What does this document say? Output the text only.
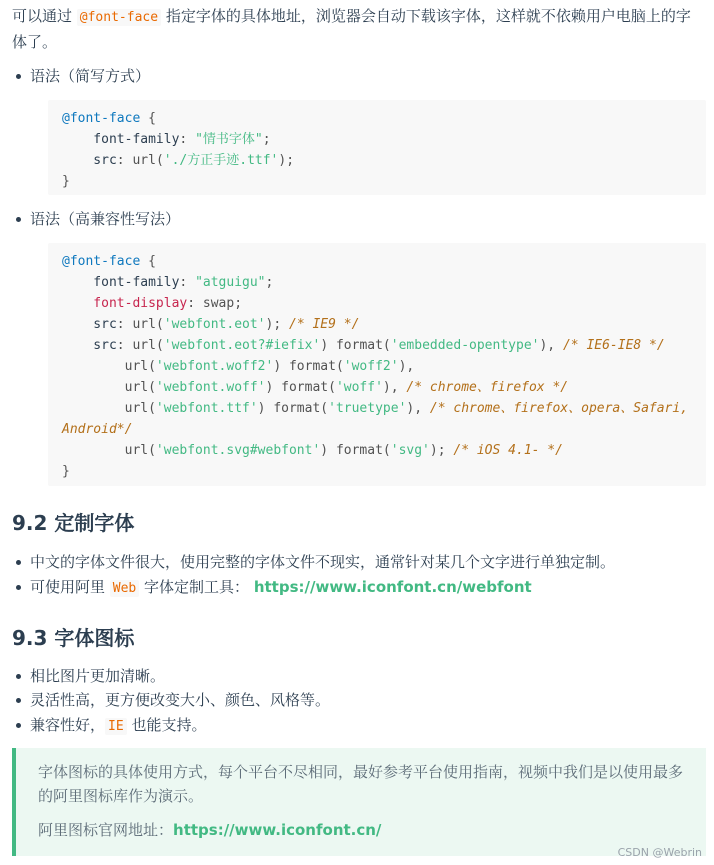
可以通过 @font-face 指定字体的具体地址，浏览器会自动下载该字体，这样就不依赖用户电脑上的字
体了。
语法（简写方式）
@font-face {
font-family: "情书字体";
src: url('./方正手迹.ttf');
}
语法（高兼容性写法）
@font-face {
font-family: "atguigu";
font-display: swap;
src: url('webfont.eot'); /* IE9 */
src: url('webfont.eot?#iefix') format('embedded-opentype'), /* IE6-IE8 */
url('webfont.woff2') format('woff2'),
url('webfont.woff') format('woff'), /* chrome、firefox */
url('webfont.ttf') format('truetype'), /* chrome、firefox、opera、Safari,
Android*/
url('webfont.svg#webfont') format('svg'); /* iOS 4.1- */
}
9.2 定制字体
中文的字体文件很大，使用完整的字体文件不现实，通常针对某几个文字进行单独定制。
可使用阿里 Web 字体定制工具： https://www.iconfont.cn/webfont
9.3 字体图标
相比图片更加清晰。
灵活性高，更方便改变大小、颜色、风格等。
兼容性好， IE 也能支持。
字体图标的具体使用方式，每个平台不尽相同，最好参考平台使用指南，视频中我们是以使用最多
的阿里图标库作为演示。
阿里图标官网地址：https://www.iconfont.cn/
CSDN @Webrin
